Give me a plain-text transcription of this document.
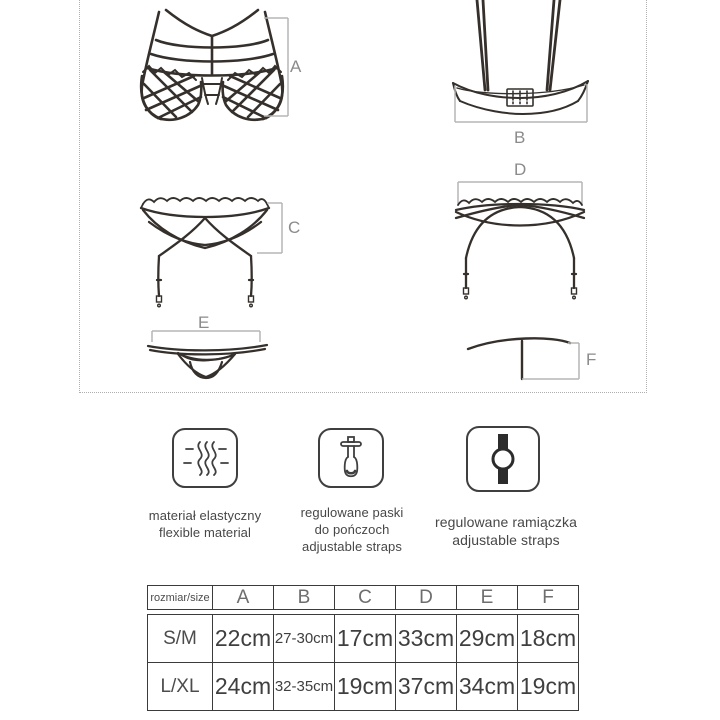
A
B
C
D
E
F
materiał elastyczny
flexible material
regulowane paski
do pończoch
adjustable straps
regulowane ramiączka
adjustable straps
rozmiar/size	A	B	C	D	E	F
S/M	22cm	27-30cm	17cm	33cm	29cm	18cm
L/XL	24cm	32-35cm	19cm	37cm	34cm	19cm
